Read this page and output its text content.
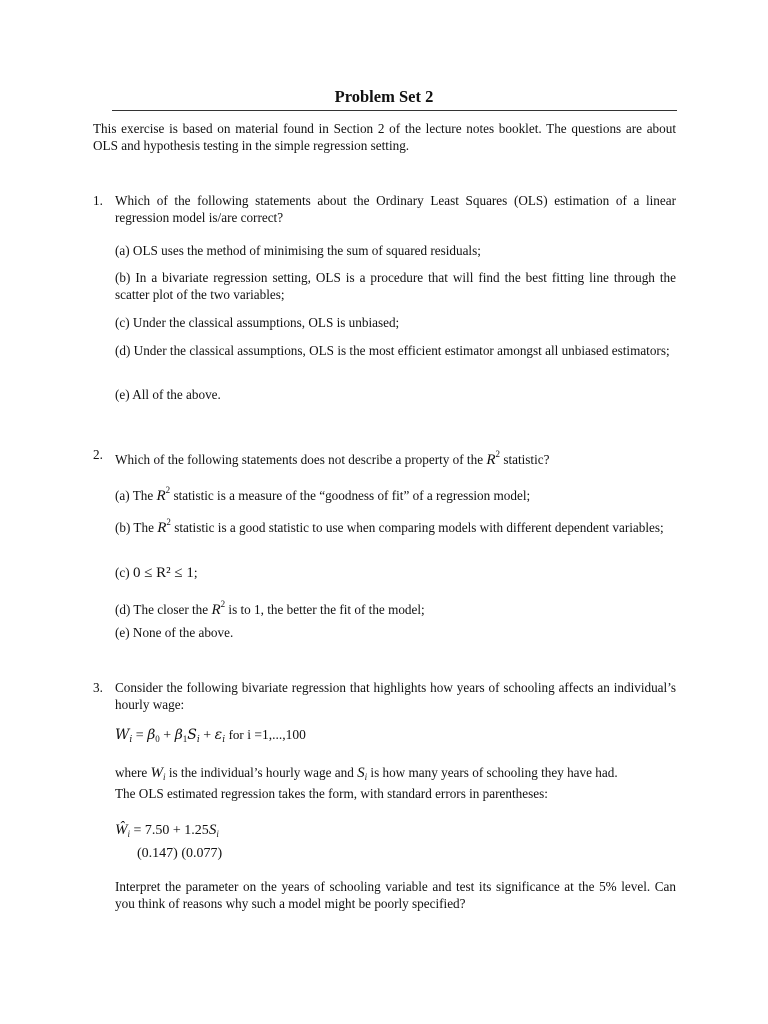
Problem Set 2
This exercise is based on material found in Section 2 of the lecture notes booklet. The questions are about OLS and hypothesis testing in the simple regression setting.
1. Which of the following statements about the Ordinary Least Squares (OLS) estimation of a linear regression model is/are correct?
(a) OLS uses the method of minimising the sum of squared residuals;
(b) In a bivariate regression setting, OLS is a procedure that will find the best fitting line through the scatter plot of the two variables;
(c) Under the classical assumptions, OLS is unbiased;
(d) Under the classical assumptions, OLS is the most efficient estimator amongst all unbiased estimators;
(e) All of the above.
2. Which of the following statements does not describe a property of the $R^2$ statistic?
(a) The $R^2$ statistic is a measure of the “goodness of fit” of a regression model;
(b) The $R^2$ statistic is a good statistic to use when comparing models with different dependent variables;
(c) 0 ≤ R² ≤ 1;
(d) The closer the $R^2$ is to 1, the better the fit of the model;
(e) None of the above.
3. Consider the following bivariate regression that highlights how years of schooling affects an individual’s hourly wage:
$W_i = \beta_0 + \beta_1S_i + \varepsilon_i$ for i =1,...,100
where $W_i$ is the individual’s hourly wage and $S_i$ is how many years of schooling they have had.
The OLS estimated regression takes the form, with standard errors in parentheses:
$Ŵ_i = 7.50 + 1.25S_i$
(0.147) (0.077)
Interpret the parameter on the years of schooling variable and test its significance at the 5% level. Can you think of reasons why such a model might be poorly specified?
